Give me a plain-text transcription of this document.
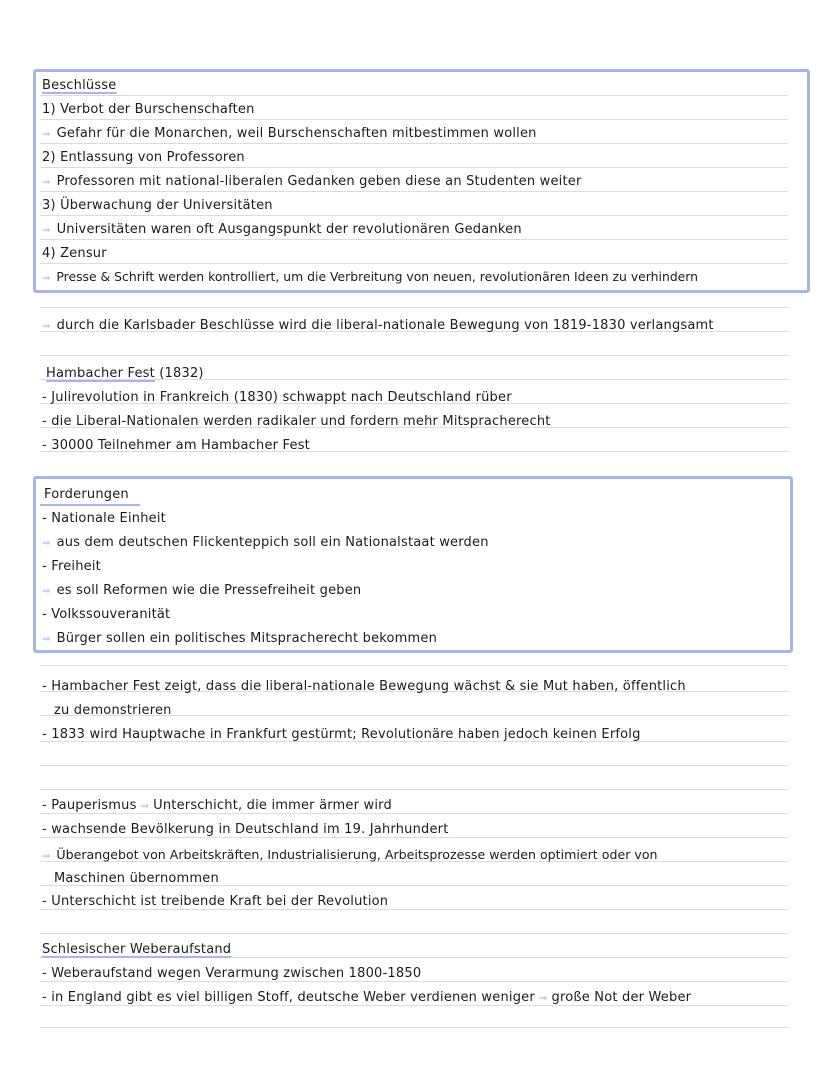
Beschlüsse
1) Verbot der Burschenschaften
⇒ Gefahr für die Monarchen, weil Burschenschaften mitbestimmen wollen
2) Entlassung von Professoren
⇒ Professoren mit national-liberalen Gedanken geben diese an Studenten weiter
3) Überwachung der Universitäten
⇒ Universitäten waren oft Ausgangspunkt der revolutionären Gedanken
4) Zensur
⇒ Presse & Schrift werden kontrolliert, um die Verbreitung von neuen, revolutionären Ideen zu verhindern
⇒ durch die Karlsbader Beschlüsse wird die liberal-nationale Bewegung von 1819-1830 verlangsamt
Hambacher Fest (1832)
- Julirevolution in Frankreich (1830) schwappt nach Deutschland rüber
- die Liberal-Nationalen werden radikaler und fordern mehr Mitspracherecht
- 30000 Teilnehmer am Hambacher Fest
Forderungen
- Nationale Einheit
⇒ aus dem deutschen Flickenteppich soll ein Nationalstaat werden
- Freiheit
⇒ es soll Reformen wie die Pressefreiheit geben
- Volkssouveranität
⇒ Bürger sollen ein politisches Mitspracherecht bekommen
- Hambacher Fest zeigt, dass die liberal-nationale Bewegung wächst & sie Mut haben, öffentlich
zu demonstrieren
- 1833 wird Hauptwache in Frankfurt gestürmt; Revolutionäre haben jedoch keinen Erfolg
- Pauperismus ⇒ Unterschicht, die immer ärmer wird
- wachsende Bevölkerung in Deutschland im 19. Jahrhundert
⇒ Überangebot von Arbeitskräften, Industrialisierung, Arbeitsprozesse werden optimiert oder von
Maschinen übernommen
- Unterschicht ist treibende Kraft bei der Revolution
Schlesischer Weberaufstand
- Weberaufstand wegen Verarmung zwischen 1800-1850
- in England gibt es viel billigen Stoff, deutsche Weber verdienen weniger ⇒ große Not der Weber
